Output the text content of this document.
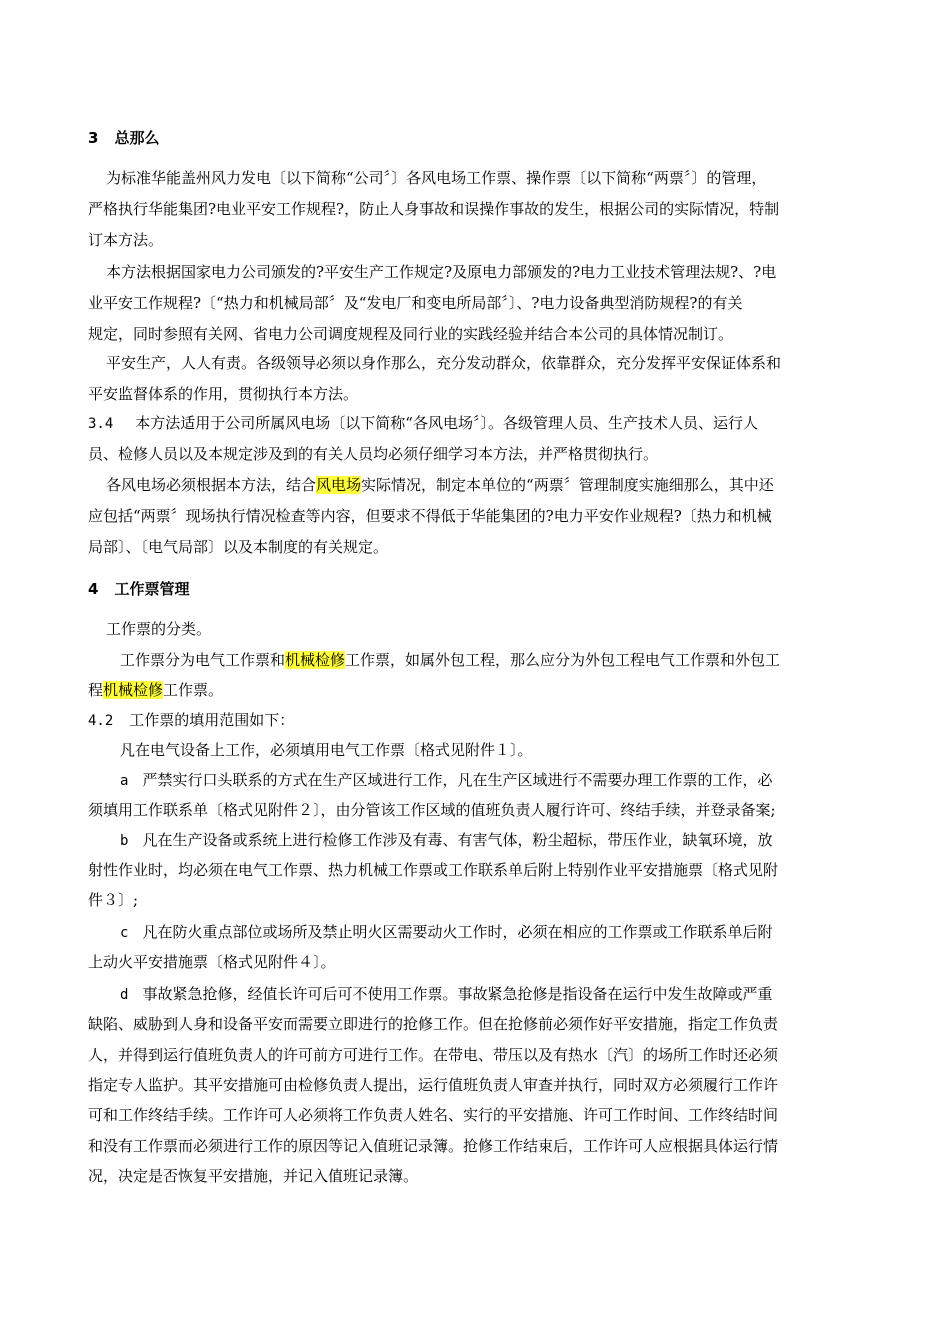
3 总那么
为标准华能盖州风力发电〔以下简称“公司〞〕各风电场工作票、操作票〔以下简称“两票〞〕的管理，
严格执行华能集团?电业平安工作规程?，防止人身事故和误操作事故的发生，根据公司的实际情况，特制
订本方法。
本方法根据国家电力公司颁发的?平安生产工作规定?及原电力部颁发的?电力工业技术管理法规?、?电
业平安工作规程?〔“热力和机械局部〞及“发电厂和变电所局部〞〕、?电力设备典型消防规程?的有关
规定，同时参照有关网、省电力公司调度规程及同行业的实践经验并结合本公司的具体情况制订。
平安生产，人人有责。各级领导必须以身作那么，充分发动群众，依靠群众，充分发挥平安保证体系和
平安监督体系的作用，贯彻执行本方法。
3.4 本方法适用于公司所属风电场〔以下简称“各风电场〞〕。各级管理人员、生产技术人员、运行人
员、检修人员以及本规定涉及到的有关人员均必须仔细学习本方法，并严格贯彻执行。
各风电场必须根据本方法，结合风电场实际情况，制定本单位的“两票〞管理制度实施细那么，其中还
应包括“两票〞现场执行情况检查等内容，但要求不得低于华能集团的?电力平安作业规程?〔热力和机械
局部〕、〔电气局部〕以及本制度的有关规定。
4 工作票管理
工作票的分类。
工作票分为电气工作票和机械检修工作票，如属外包工程，那么应分为外包工程电气工作票和外包工
程机械检修工作票。
4.2 工作票的填用范围如下：
凡在电气设备上工作，必须填用电气工作票〔格式见附件１〕。
a 严禁实行口头联系的方式在生产区域进行工作，凡在生产区域进行不需要办理工作票的工作，必
须填用工作联系单〔格式见附件２〕，由分管该工作区域的值班负责人履行许可、终结手续，并登录备案;
b 凡在生产设备或系统上进行检修工作涉及有毒、有害气体，粉尘超标，带压作业，缺氧环境，放
射性作业时，均必须在电气工作票、热力机械工作票或工作联系单后附上特别作业平安措施票〔格式见附
件３〕;
c 凡在防火重点部位或场所及禁止明火区需要动火工作时，必须在相应的工作票或工作联系单后附
上动火平安措施票〔格式见附件４〕。
d 事故紧急抢修，经值长许可后可不使用工作票。事故紧急抢修是指设备在运行中发生故障或严重
缺陷、威胁到人身和设备平安而需要立即进行的抢修工作。但在抢修前必须作好平安措施，指定工作负责
人，并得到运行值班负责人的许可前方可进行工作。在带电、带压以及有热水〔汽〕的场所工作时还必须
指定专人监护。其平安措施可由检修负责人提出，运行值班负责人审查并执行，同时双方必须履行工作许
可和工作终结手续。工作许可人必须将工作负责人姓名、实行的平安措施、许可工作时间、工作终结时间
和没有工作票而必须进行工作的原因等记入值班记录簿。抢修工作结束后，工作许可人应根据具体运行情
况，决定是否恢复平安措施，并记入值班记录簿。
